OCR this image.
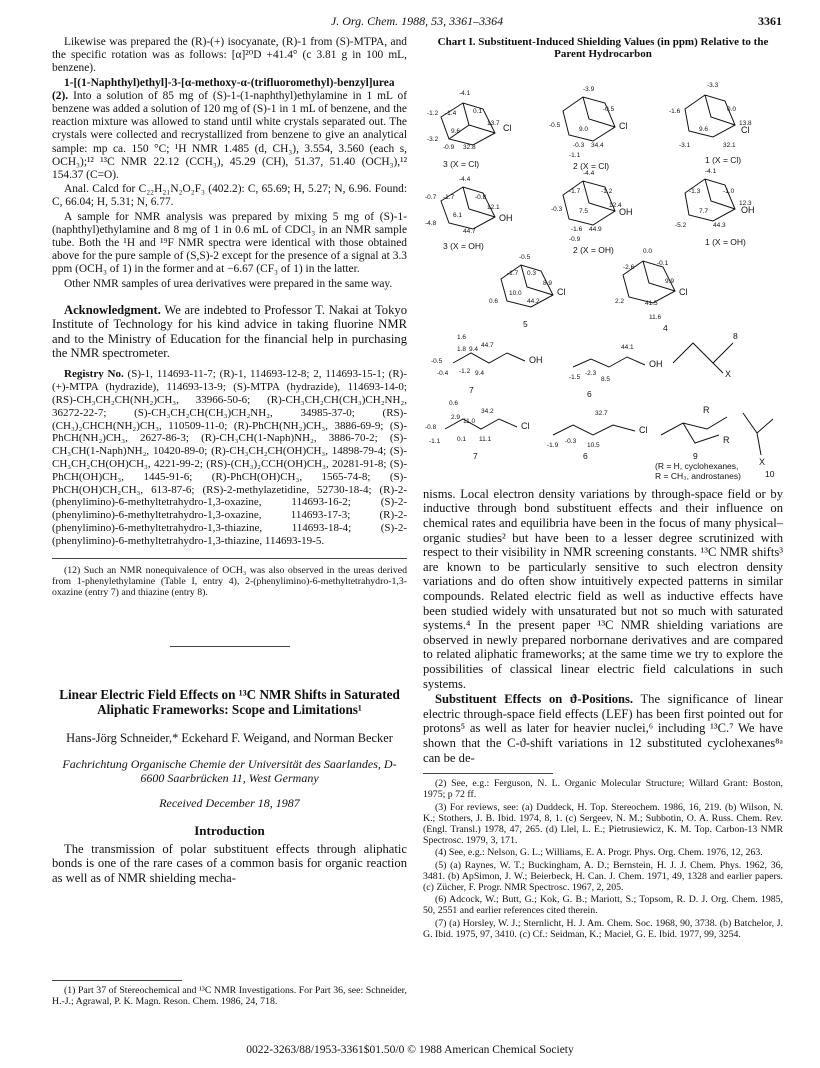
J. Org. Chem. 1988, 53, 3361–3364	3361

Likewise was prepared the (R)-(+) isocyanate, (R)-1 from (S)-MTPA, and the specific rotation was as follows: [α]²⁰D +41.4° (c 3.81 g in 100 mL, benzene).

1-[(1-Naphthyl)ethyl]-3-[α-methoxy-α-(trifluoromethyl)-benzyl]urea (2). Into a solution of 85 mg of (S)-1-(1-naphthyl)ethylamine in 1 mL of benzene was added a solution of 120 mg of (S)-1 in 1 mL of benzene, and the reaction mixture was allowed to stand until white crystals separated out. The crystals were collected and recrystallized from benzene to give an analytical sample: mp ca. 150 °C; ¹H NMR 1.485 (d, CH₃), 3.554, 3.560 (each s, OCH₃);¹² ¹³C NMR 22.12 (CCH₃), 45.29 (CH), 51.37, 51.40 (OCH₃),¹² 154.37 (C=O).

Anal. Calcd for C₂₂H₂₁N₂O₂F₃ (402.2): C, 65.69; H, 5.27; N, 6.96. Found: C, 66.04; H, 5.31; N, 6.77.

A sample for NMR analysis was prepared by mixing 5 mg of (S)-1-(naphthyl)ethylamine and 8 mg of 1 in 0.6 mL of CDCl₃ in an NMR sample tube. Both the ¹H and ¹⁹F NMR spectra were identical with those obtained above for the pure sample of (S,S)-2 except for the presence of a signal at 3.3 ppm (OCH₃ of 1) in the former and at −6.67 (CF₃ of 1) in the latter.

Other NMR samples of urea derivatives were prepared in the same way.

Acknowledgment. We are indebted to Professor T. Nakai at Tokyo Institute of Technology for his kind advice in taking fluorine NMR and to the Ministry of Education for the financial help in purchasing the NMR spectrometer.

Registry No. (S)-1, 114693-11-7; (R)-1, 114693-12-8; 2, 114693-15-1; (R)-(+)-MTPA (hydrazide), 114693-13-9; (S)-MTPA (hydrazide), 114693-14-0; (RS)-CH₃CH₂CH(NH₂)CH₃, 33966-50-6; (R)-CH₃CH₂CH(CH₃)CH₂NH₂, 36272-22-7; (S)-CH₃CH₂CH(CH₃)CH₂NH₂, 34985-37-0; (RS)-(CH₃)₂CHCH(NH₂)CH₃, 110509-11-0; (R)-PhCH(NH₂)CH₃, 3886-69-9; (S)-PhCH(NH₂)CH₃, 2627-86-3; (R)-CH₃CH(1-Naph)NH₂, 3886-70-2; (S)-CH₃CH(1-Naph)NH₂, 10420-89-0; (R)-CH₃CH₂CH(OH)CH₃, 14898-79-4; (S)-CH₃CH₂CH(OH)CH₃, 4221-99-2; (RS)-(CH₃)₂CCH(OH)CH₃, 20281-91-8; (S)-PhCH(OH)CH₃, 1445-91-6; (R)-PhCH(OH)CH₃, 1565-74-8; (S)-PhCH(OH)CH₂CH₃, 613-87-6; (RS)-2-methylazetidine, 52730-18-4; (R)-2-(phenylimino)-6-methyltetrahydro-1,3-oxazine, 114693-16-2; (S)-2-(phenylimino)-6-methyltetrahydro-1,3-oxazine, 114693-17-3; (R)-2-(phenylimino)-6-methyltetrahydro-1,3-thiazine, 114693-18-4; (S)-2-(phenylimino)-6-methyltetrahydro-1,3-thiazine, 114693-19-5.

(12) Such an NMR nonequivalence of OCH₃ was also observed in the ureas derived from 1-phenylethylamine (Table I, entry 4), 2-(phenylimino)-6-methyltetrahydro-1,3-oxazine (entry 7) and thiazine (entry 8).

Linear Electric Field Effects on ¹³C NMR Shifts in Saturated Aliphatic Frameworks: Scope and Limitations¹
Hans-Jörg Schneider,* Eckehard F. Weigand, and Norman Becker
Fachrichtung Organische Chemie der Universität des Saarlandes, D-6600 Saarbrücken 11, West Germany
Received December 18, 1987
Introduction

The transmission of polar substituent effects through aliphatic bonds is one of the rare cases of a common basis for organic reaction as well as of NMR shielding mecha-

(1) Part 37 of Stereochemical and ¹³C NMR Investigations. For Part 36, see: Schneider, H.-J.; Agrawal, P. K. Magn. Reson. Chem. 1986, 24, 718.

Chart I. Substituent-Induced Shielding Values (in ppm) Relative to the Parent Hydrocarbon
-4.1
-1.2 -1.4	0.1
13.7
-3.2
9.6
-0.9 32.8
-3.9
-0.5
-0.5
9.0
-0.3 34.4
-1.1
-3.3
-1.6	0.0
13.8
9.6
-3.1	32.1
-4.4
-0.7 -1.7	-0.8
12.1
-4.8
6.1
44.7
-4.4
-1.2
-1.7
12.4
-0.3	7.5
-1.6 44.9
-0.9
-4.1
-1.0
-1.3
12.3
7.7
-5.2	44.3
-0.5
-1.7 0.3
8.9
10.0
0.6	44.2
0.0
-0.1
-2.6
9.9
2.2	41.5
11.6
1.6
1.8 9.4
44.7
-0.5
-0.4 -1.2 9.4
44.1
-1.5
-2.3
8.5
0.6
2.9
11.0
34.2
-0.8
-1.1	0.1 11.1
32.7
-1.9
-0.3
10.5
Cl	Cl	Cl
OH
OH	OH
Cl	Cl
OH	OH
Cl	Cl
X
X
R
R
3 (X = Cl)	2 (X = Cl)
1 (X = Cl)
3 (X = OH)	2 (X = OH)
1 (X = OH)
5	4
7	6
8
7	6	9
(R = H, cyclohexanes,
R = CH₃, androstanes)	10

nisms. Local electron density variations by through-space field or by inductive through bond substituent effects and their influence on chemical rates and equilibria have been in the focus of many physical–organic studies² but have been to a lesser degree scrutinized with respect to their visibility in NMR screening constants. ¹³C NMR shifts³ are known to be particularly sensitive to such electron density variations and do often show intuitively expected patterns in similar compounds. Related electric field as well as inductive effects have been studied widely with unsaturated but not so much with saturated systems.⁴ In the present paper ¹³C NMR shielding variations are observed in newly prepared norbornane derivatives and are compared to related aliphatic frameworks; at the same time we try to explore the possibilities of classical linear electric field calculations in such systems.

Substituent Effects on ϑ-Positions. The significance of linear electric through-space field effects (LEF) has been first pointed out for protons⁵ as well as later for heavier nuclei,⁶ including ¹³C.⁷ We have shown that the C-ϑ-shift variations in 12 substituted cyclohexanes⁸ᵃ can be de-

(2) See, e.g.: Ferguson, N. L. Organic Molecular Structure; Willard Grant: Boston, 1975; p 72 ff.

(3) For reviews, see: (a) Duddeck, H. Top. Stereochem. 1986, 16, 219. (b) Wilson, N. K.; Stothers, J. B. Ibid. 1974, 8, 1. (c) Sergeev, N. M.; Subbotin, O. A. Russ. Chem. Rev. (Engl. Transl.) 1978, 47, 265. (d) Llel, L. E.; Pietrusiewicz, K. M. Top. Carbon-13 NMR Spectrosc. 1979, 3, 171.

(4) See, e.g.: Nelson, G. L.; Williams, E. A. Progr. Phys. Org. Chem. 1976, 12, 263.

(5) (a) Raynes, W. T.; Buckingham, A. D.; Bernstein, H. J. J. Chem. Phys. 1962, 36, 3481. (b) ApSimon, J. W.; Beierbeck, H. Can. J. Chem. 1971, 49, 1328 and earlier papers. (c) Zücher, F. Progr. NMR Spectrosc. 1967, 2, 205.

(6) Adcock, W.; Butt, G.; Kok, G. B.; Mariott, S.; Topsom, R. D. J. Org. Chem. 1985, 50, 2551 and earlier references cited therein.

(7) (a) Horsley, W. J.; Sternlicht, H. J. Am. Chem. Soc. 1968, 90, 3738. (b) Batchelor, J. G. Ibid. 1975, 97, 3410. (c) Cf.: Seidman, K.; Maciel, G. E. Ibid. 1977, 99, 3254.

0022-3263/88/1953-3361$01.50/0 © 1988 American Chemical Society
